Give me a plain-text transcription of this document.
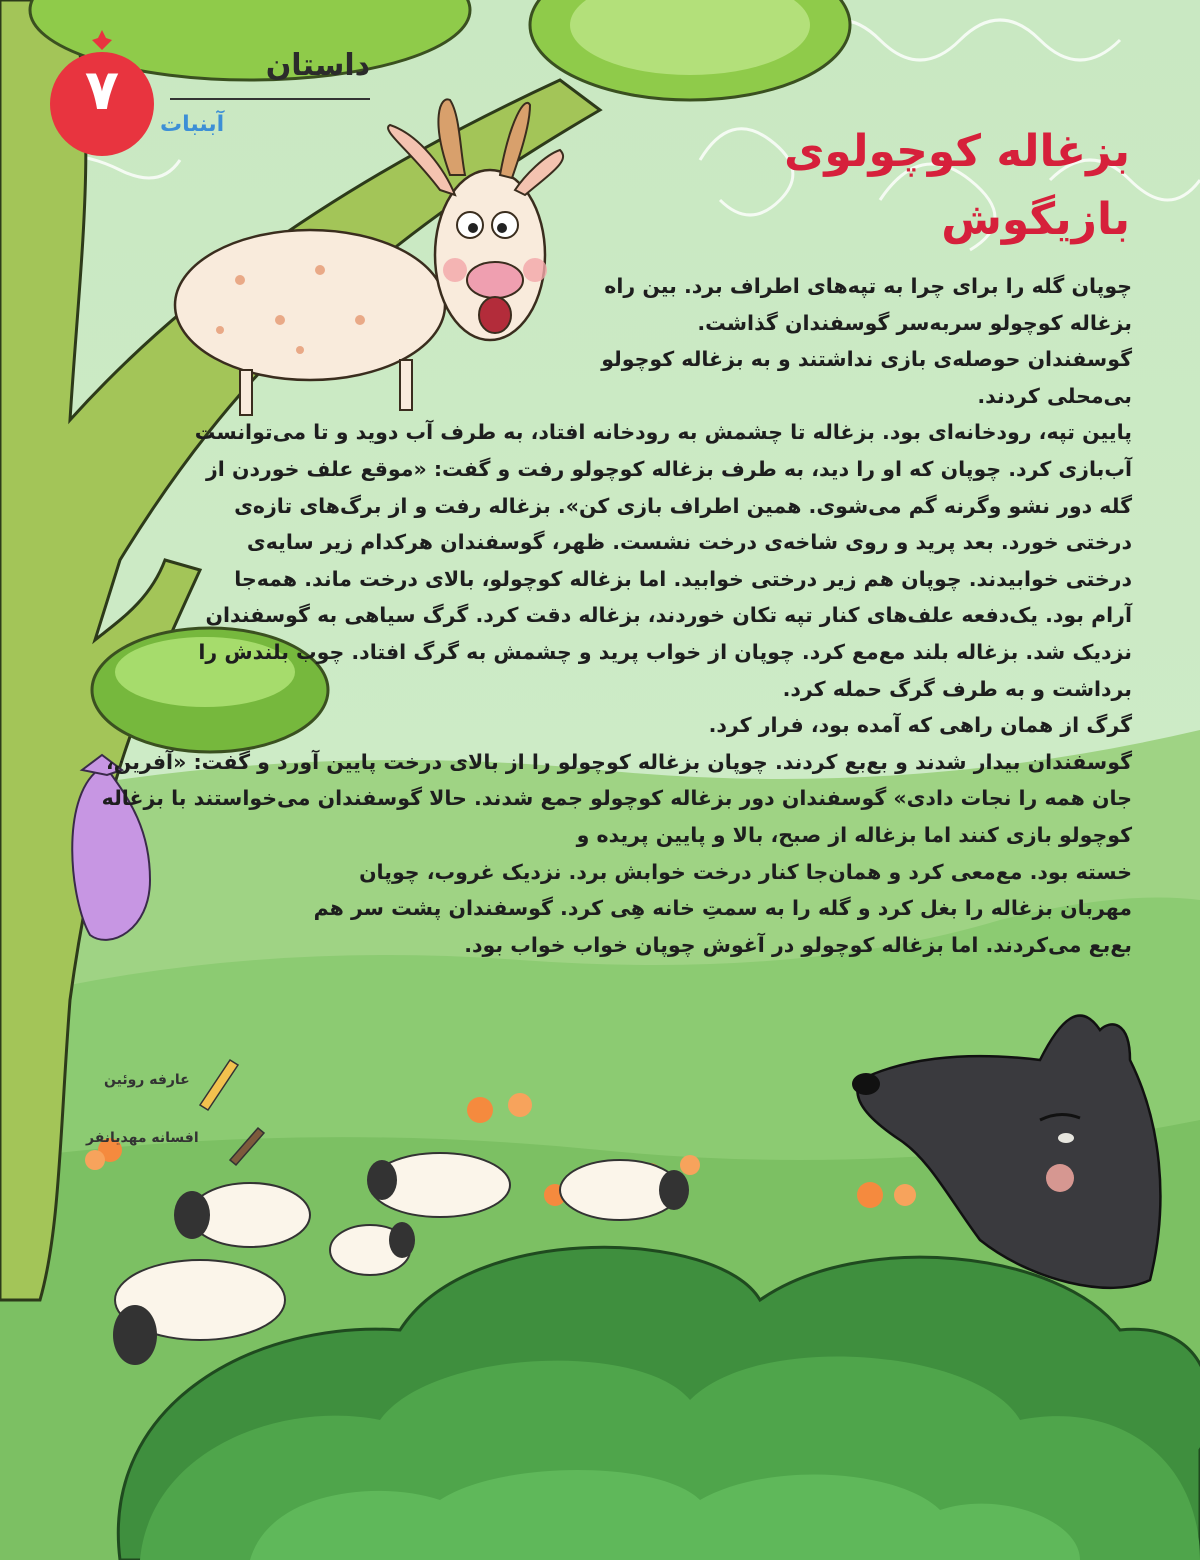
۷	داستان
آبنبات
بزغاله کوچولوی
بازیگوش

چوپان گله را برای چرا به تپه‌های اطراف برد. بین راه بزغاله کوچولو سربه‌سر گوسفندان گذاشت.

گوسفندان حوصله‌ی بازی نداشتند و به بزغاله کوچولو بی‌محلی کردند.

پایین تپه، رودخانه‌ای بود. بزغاله تا چشمش به رودخانه افتاد، به طرف آب دوید و تا می‌توانست آب‌بازی کرد. چوپان که او را دید، به طرف بزغاله کوچولو رفت و گفت: «موقع علف خوردن از گله دور نشو وگرنه گم می‌شوی. همین اطراف بازی کن». بزغاله رفت و از برگ‌های تازه‌ی درختی خورد. بعد پرید و روی شاخه‌ی درخت نشست. ظهر، گوسفندان هرکدام زیر سایه‌ی درختی خوابیدند. چوپان هم زیر درختی خوابید. اما بزغاله کوچولو، بالای درخت ماند. همه‌جا آرام بود. یک‌دفعه علف‌های کنار تپه تکان خوردند، بزغاله دقت کرد. گرگ سیاهی به گوسفندان نزدیک شد. بزغاله بلند مع‌مع کرد. چوپان از خواب پرید و چشمش به گرگ افتاد. چوب بلندش را برداشت و به طرف گرگ حمله کرد.

گرگ از همان راهی که آمده بود، فرار کرد.

گوسفندان بیدار شدند و بع‌بع کردند. چوپان بزغاله کوچولو را از بالای درخت پایین آورد و گفت: «آفرین، جان همه را نجات دادی» گوسفندان دور بزغاله کوچولو جمع شدند. حالا گوسفندان می‌خواستند با بزغاله کوچولو بازی کنند اما بزغاله از صبح، بالا و پایین پریده و

خسته بود. مع‌معی کرد و همان‌جا کنار درخت خوابش برد. نزدیک غروب، چوپان مهربان بزغاله را بغل کرد و گله را به سمتِ خانه هِی کرد. گوسفندان پشت سر هم بع‌بع می‌کردند. اما بزغاله کوچولو در آغوش چوپان خواب خواب بود.

عارفه روئین
افسانه مهدیانفر
